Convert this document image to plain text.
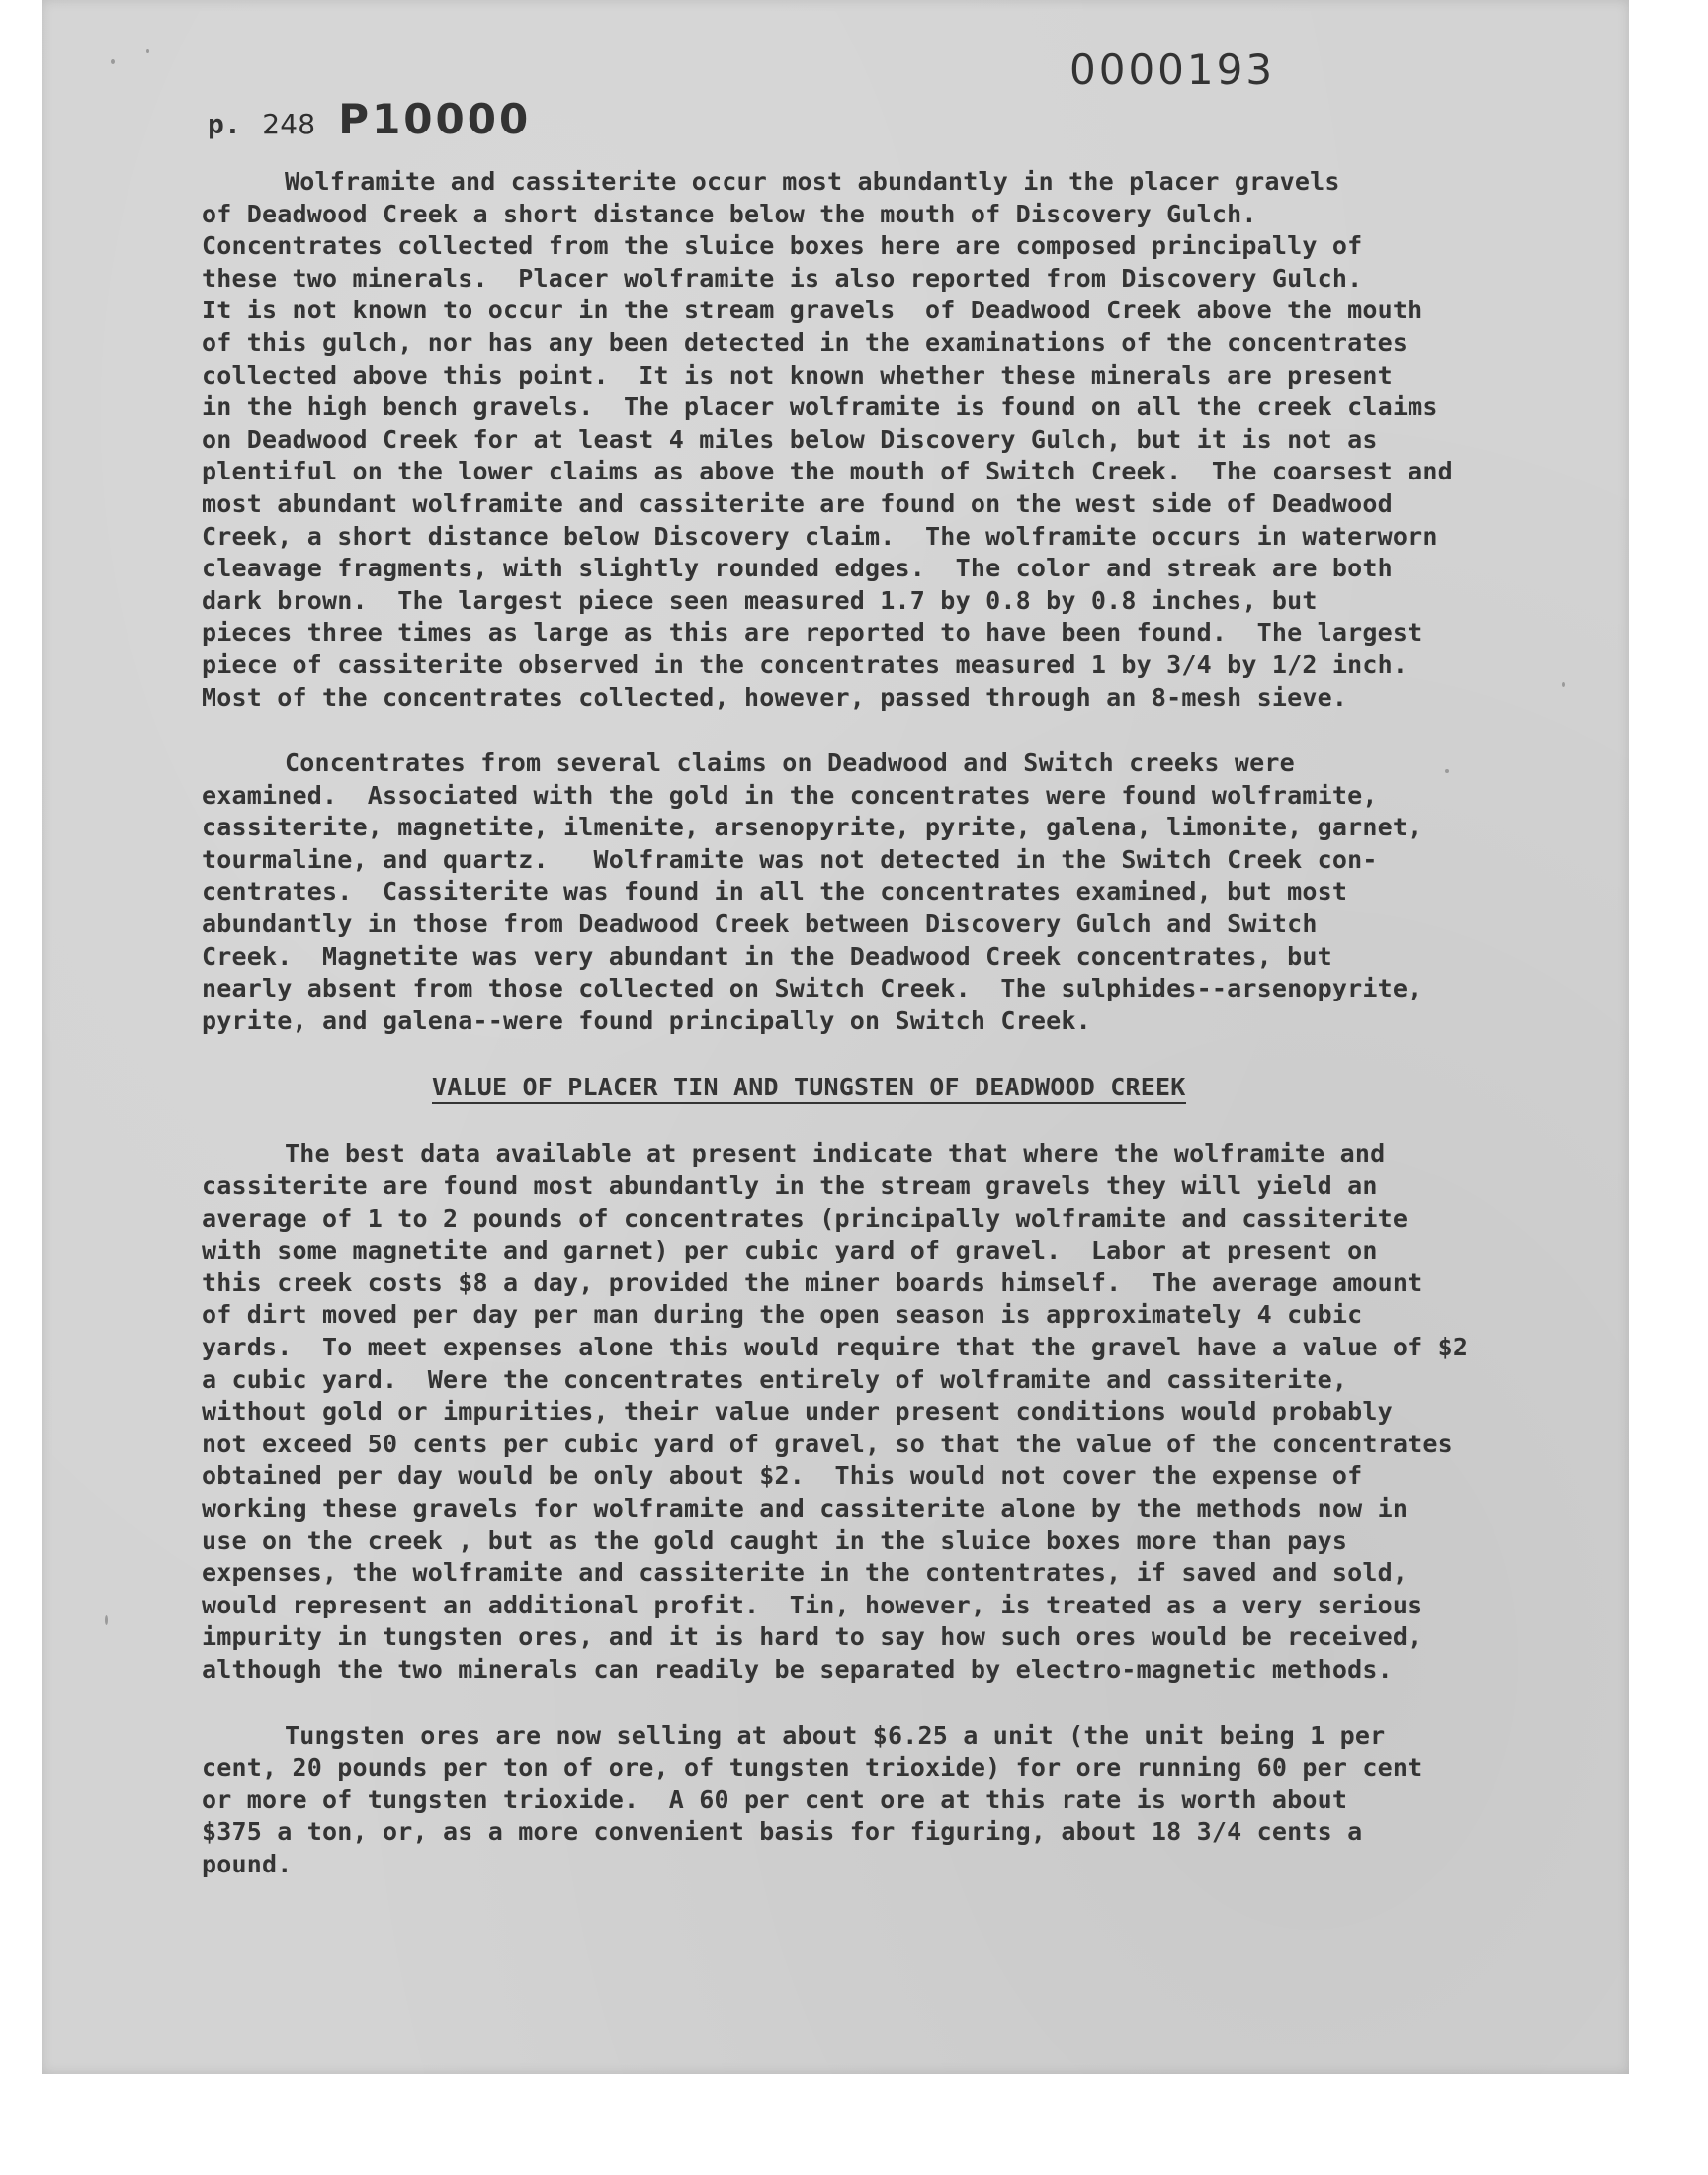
p. 248 P10000
0000193
Wolframite and cassiterite occur most abundantly in the placer gravels
of Deadwood Creek a short distance below the mouth of Discovery Gulch.
Concentrates collected from the sluice boxes here are composed principally of
these two minerals.  Placer wolframite is also reported from Discovery Gulch.
It is not known to occur in the stream gravels  of Deadwood Creek above the mouth
of this gulch, nor has any been detected in the examinations of the concentrates
collected above this point.  It is not known whether these minerals are present
in the high bench gravels.  The placer wolframite is found on all the creek claims
on Deadwood Creek for at least 4 miles below Discovery Gulch, but it is not as
plentiful on the lower claims as above the mouth of Switch Creek.  The coarsest and
most abundant wolframite and cassiterite are found on the west side of Deadwood
Creek, a short distance below Discovery claim.  The wolframite occurs in waterworn
cleavage fragments, with slightly rounded edges.  The color and streak are both
dark brown.  The largest piece seen measured 1.7 by 0.8 by 0.8 inches, but
pieces three times as large as this are reported to have been found.  The largest
piece of cassiterite observed in the concentrates measured 1 by 3/4 by 1/2 inch.
Most of the concentrates collected, however, passed through an 8-mesh sieve.
Concentrates from several claims on Deadwood and Switch creeks were
examined.  Associated with the gold in the concentrates were found wolframite,
cassiterite, magnetite, ilmenite, arsenopyrite, pyrite, galena, limonite, garnet,
tourmaline, and quartz.   Wolframite was not detected in the Switch Creek con-
centrates.  Cassiterite was found in all the concentrates examined, but most
abundantly in those from Deadwood Creek between Discovery Gulch and Switch
Creek.  Magnetite was very abundant in the Deadwood Creek concentrates, but
nearly absent from those collected on Switch Creek.  The sulphides--arsenopyrite,
pyrite, and galena--were found principally on Switch Creek.
VALUE OF PLACER TIN AND TUNGSTEN OF DEADWOOD CREEK
The best data available at present indicate that where the wolframite and
cassiterite are found most abundantly in the stream gravels they will yield an
average of 1 to 2 pounds of concentrates (principally wolframite and cassiterite
with some magnetite and garnet) per cubic yard of gravel.  Labor at present on
this creek costs $8 a day, provided the miner boards himself.  The average amount
of dirt moved per day per man during the open season is approximately 4 cubic
yards.  To meet expenses alone this would require that the gravel have a value of $2
a cubic yard.  Were the concentrates entirely of wolframite and cassiterite,
without gold or impurities, their value under present conditions would probably
not exceed 50 cents per cubic yard of gravel, so that the value of the concentrates
obtained per day would be only about $2.  This would not cover the expense of
working these gravels for wolframite and cassiterite alone by the methods now in
use on the creek , but as the gold caught in the sluice boxes more than pays
expenses, the wolframite and cassiterite in the contentrates, if saved and sold,
would represent an additional profit.  Tin, however, is treated as a very serious
impurity in tungsten ores, and it is hard to say how such ores would be received,
although the two minerals can readily be separated by electro-magnetic methods.
Tungsten ores are now selling at about $6.25 a unit (the unit being 1 per
cent, 20 pounds per ton of ore, of tungsten trioxide) for ore running 60 per cent
or more of tungsten trioxide.  A 60 per cent ore at this rate is worth about
$375 a ton, or, as a more convenient basis for figuring, about 18 3/4 cents a
pound.
